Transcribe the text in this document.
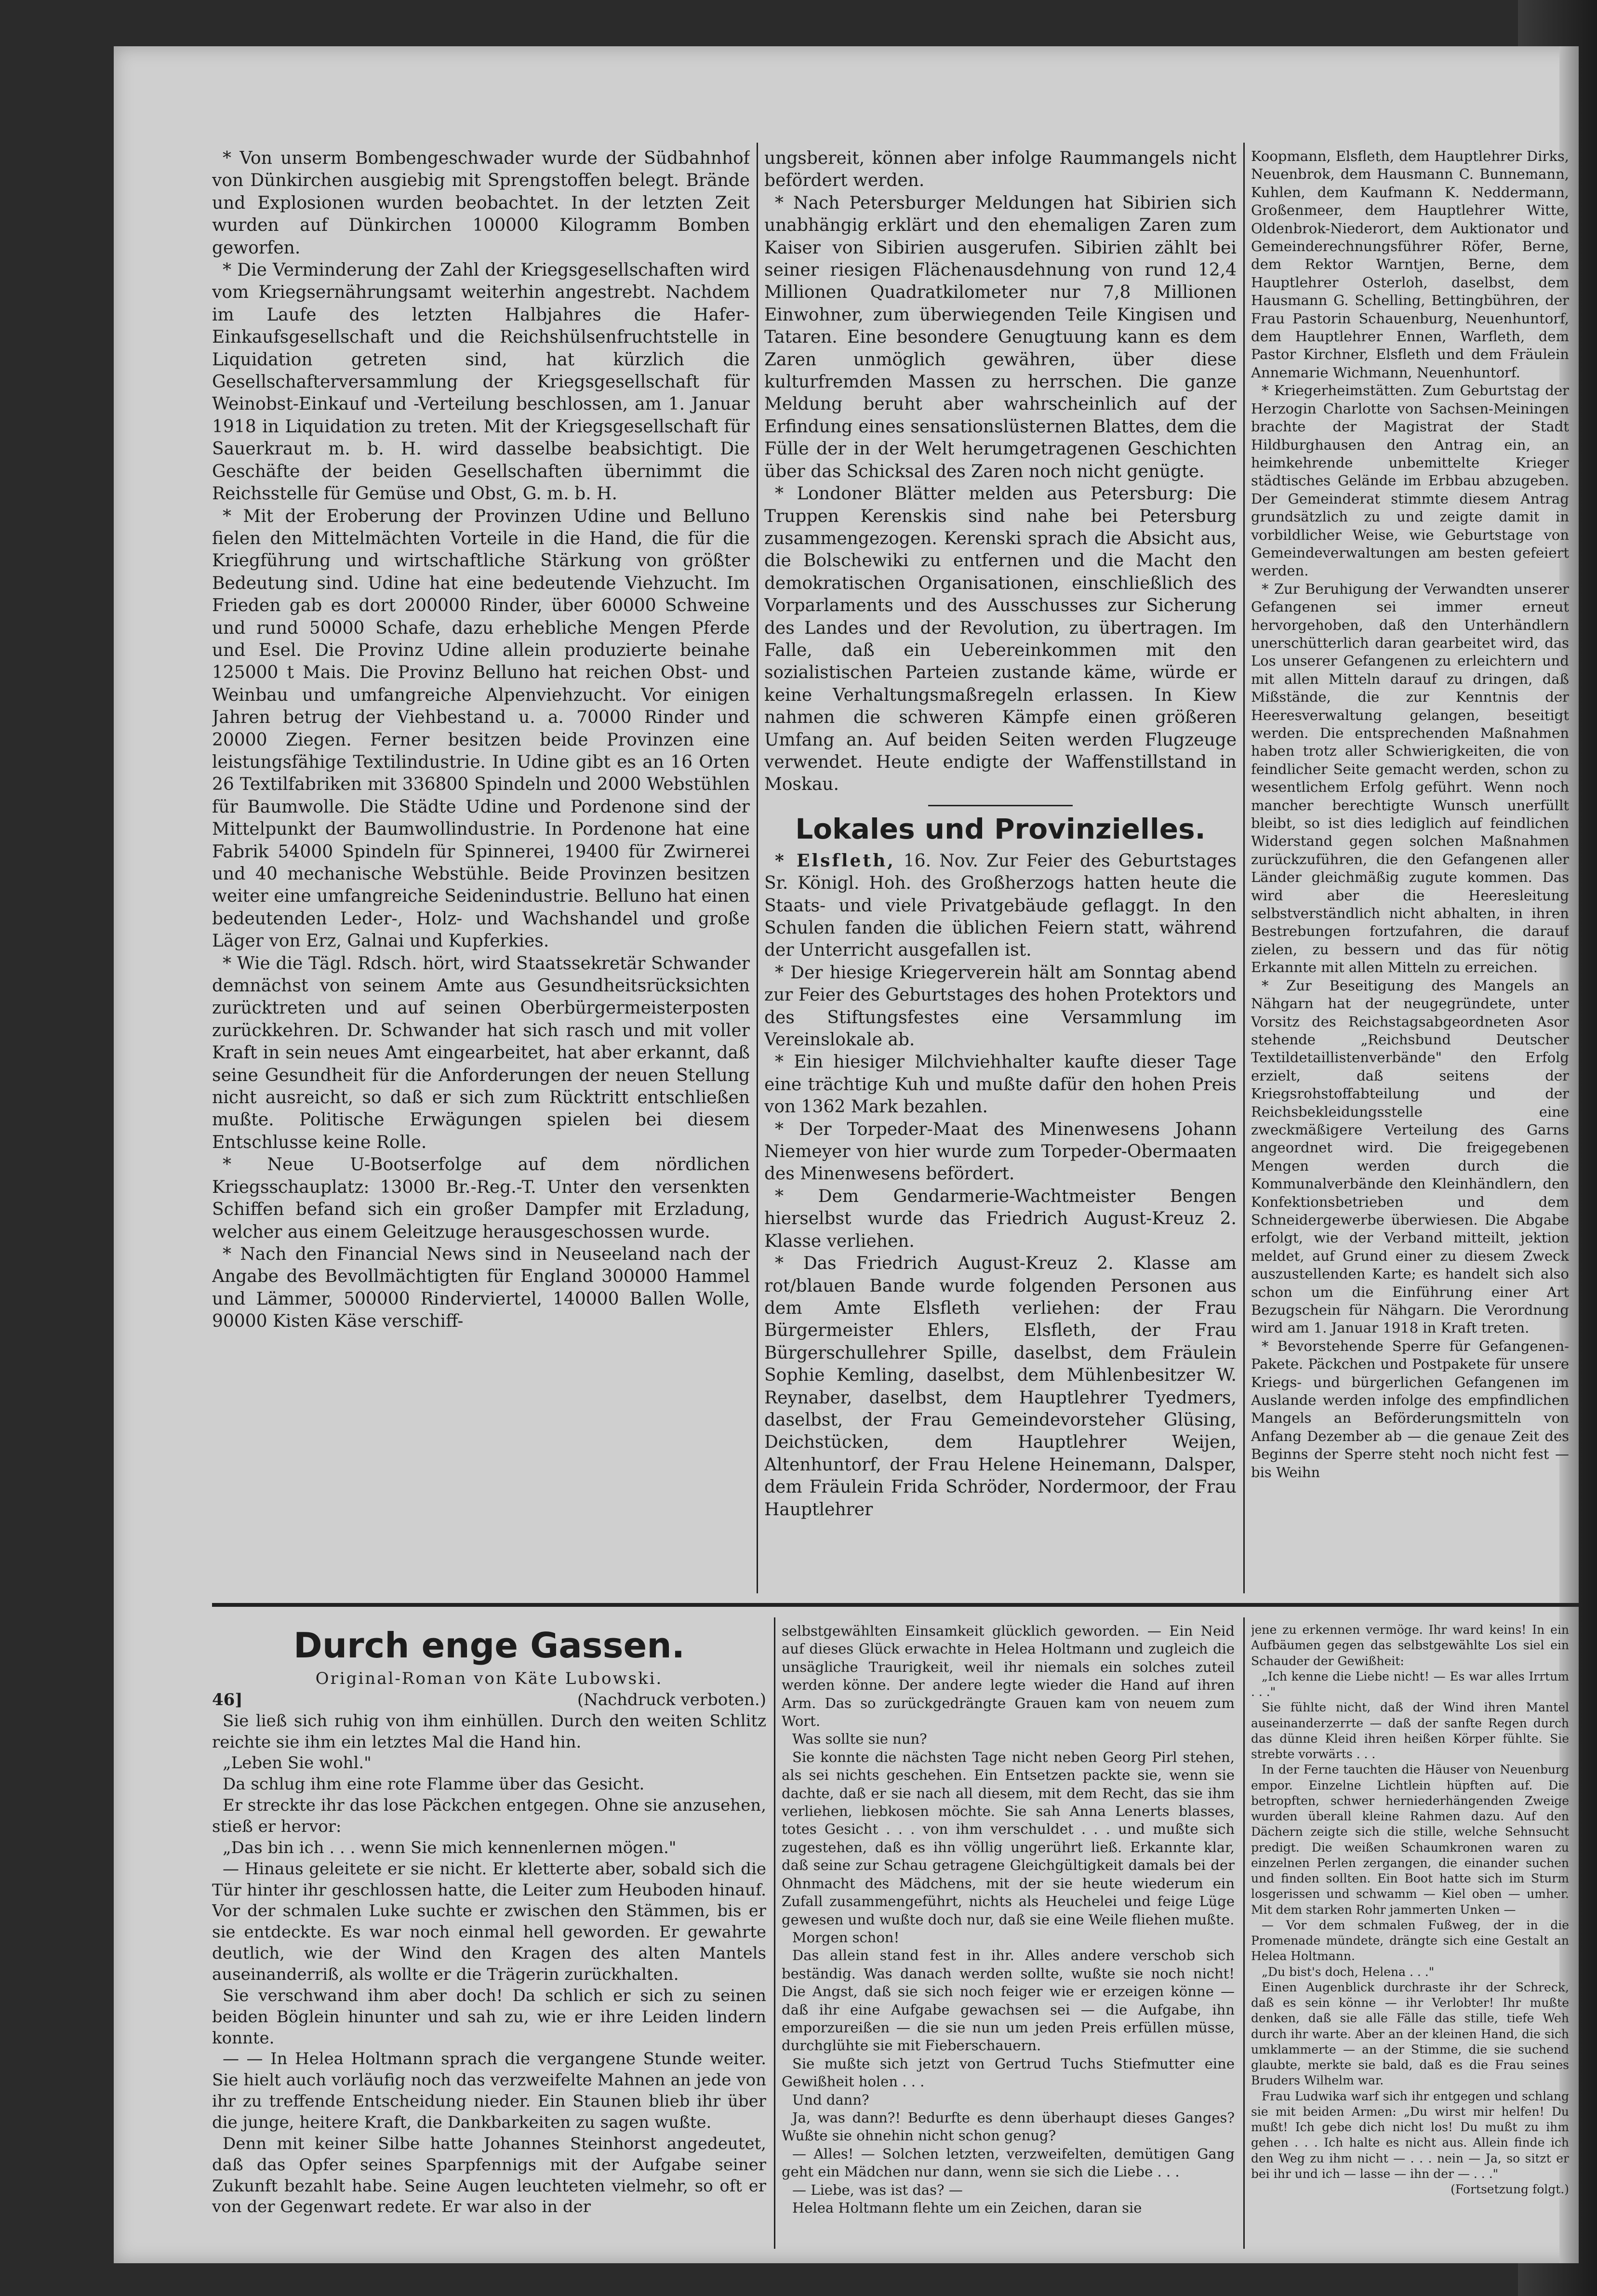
* Von unserm Bombengeschwader wurde der Südbahnhof von Dünkirchen ausgiebig mit Sprengstoffen belegt. Brände und Explosionen wurden beobachtet. In der letzten Zeit wurden auf Dünkirchen 100000 Kilogramm Bomben geworfen.

* Die Verminderung der Zahl der Kriegsgesellschaften wird vom Kriegsernährungsamt weiterhin angestrebt. Nachdem im Laufe des letzten Halbjahres die Hafer-Einkaufsgesellschaft und die Reichshülsenfruchtstelle in Liquidation getreten sind, hat kürzlich die Gesellschafterversammlung der Kriegsgesellschaft für Weinobst-Einkauf und -Verteilung beschlossen, am 1. Januar 1918 in Liquidation zu treten. Mit der Kriegsgesellschaft für Sauerkraut m. b. H. wird dasselbe beabsichtigt. Die Geschäfte der beiden Gesellschaften übernimmt die Reichsstelle für Gemüse und Obst, G. m. b. H.

* Mit der Eroberung der Provinzen Udine und Belluno fielen den Mittelmächten Vorteile in die Hand, die für die Kriegführung und wirtschaftliche Stärkung von größter Bedeutung sind. Udine hat eine bedeutende Viehzucht. Im Frieden gab es dort 200000 Rinder, über 60000 Schweine und rund 50000 Schafe, dazu erhebliche Mengen Pferde und Esel. Die Provinz Udine allein produzierte beinahe 125000 t Mais. Die Provinz Belluno hat reichen Obst- und Weinbau und umfangreiche Alpenviehzucht. Vor einigen Jahren betrug der Viehbestand u. a. 70000 Rinder und 20000 Ziegen. Ferner besitzen beide Provinzen eine leistungsfähige Textilindustrie. In Udine gibt es an 16 Orten 26 Textilfabriken mit 336800 Spindeln und 2000 Webstühlen für Baumwolle. Die Städte Udine und Pordenone sind der Mittelpunkt der Baumwollindustrie. In Pordenone hat eine Fabrik 54000 Spindeln für Spinnerei, 19400 für Zwirnerei und 40 mechanische Webstühle. Beide Provinzen besitzen weiter eine umfangreiche Seidenindustrie. Belluno hat einen bedeutenden Leder-, Holz- und Wachshandel und große Läger von Erz, Galnai und Kupferkies.

* Wie die Tägl. Rdsch. hört, wird Staatssekretär Schwander demnächst von seinem Amte aus Gesundheitsrücksichten zurücktreten und auf seinen Oberbürgermeisterposten zurückkehren. Dr. Schwander hat sich rasch und mit voller Kraft in sein neues Amt eingearbeitet, hat aber erkannt, daß seine Gesundheit für die Anforderungen der neuen Stellung nicht ausreicht, so daß er sich zum Rücktritt entschließen mußte. Politische Erwägungen spielen bei diesem Entschlusse keine Rolle.

* Neue U-Bootserfolge auf dem nördlichen Kriegsschauplatz: 13000 Br.-Reg.-T. Unter den versenkten Schiffen befand sich ein großer Dampfer mit Erzladung, welcher aus einem Geleitzuge herausgeschossen wurde.

* Nach den Financial News sind in Neuseeland nach der Angabe des Bevollmächtigten für England 300000 Hammel und Lämmer, 500000 Rinderviertel, 140000 Ballen Wolle, 90000 Kisten Käse verschiff-

ungsbereit, können aber infolge Raummangels nicht befördert werden.

* Nach Petersburger Meldungen hat Sibirien sich unabhängig erklärt und den ehemaligen Zaren zum Kaiser von Sibirien ausgerufen. Sibirien zählt bei seiner riesigen Flächenausdehnung von rund 12,4 Millionen Quadratkilometer nur 7,8 Millionen Einwohner, zum überwiegenden Teile Kingisen und Tataren. Eine besondere Genugtuung kann es dem Zaren unmöglich gewähren, über diese kulturfremden Massen zu herrschen. Die ganze Meldung beruht aber wahrscheinlich auf der Erfindung eines sensationslüsternen Blattes, dem die Fülle der in der Welt herumgetragenen Geschichten über das Schicksal des Zaren noch nicht genügte.

* Londoner Blätter melden aus Petersburg: Die Truppen Kerenskis sind nahe bei Petersburg zusammengezogen. Kerenski sprach die Absicht aus, die Bolschewiki zu entfernen und die Macht den demokratischen Organisationen, einschließlich des Vorparlaments und des Ausschusses zur Sicherung des Landes und der Revolution, zu übertragen. Im Falle, daß ein Uebereinkommen mit den sozialistischen Parteien zustande käme, würde er keine Verhaltungsmaßregeln erlassen. In Kiew nahmen die schweren Kämpfe einen größeren Umfang an. Auf beiden Seiten werden Flugzeuge verwendet. Heute endigte der Waffenstillstand in Moskau.

Lokales und Provinzielles.

* Elsfleth, 16. Nov. Zur Feier des Geburtstages Sr. Königl. Hoh. des Großherzogs hatten heute die Staats- und viele Privatgebäude geflaggt. In den Schulen fanden die üblichen Feiern statt, während der Unterricht ausgefallen ist.

* Der hiesige Kriegerverein hält am Sonntag abend zur Feier des Geburtstages des hohen Protektors und des Stiftungsfestes eine Versammlung im Vereinslokale ab.

* Ein hiesiger Milchviehhalter kaufte dieser Tage eine trächtige Kuh und mußte dafür den hohen Preis von 1362 Mark bezahlen.

* Der Torpeder-Maat des Minenwesens Johann Niemeyer von hier wurde zum Torpeder-Obermaaten des Minenwesens befördert.

* Dem Gendarmerie-Wachtmeister Bengen hierselbst wurde das Friedrich August-Kreuz 2. Klasse verliehen.

* Das Friedrich August-Kreuz 2. Klasse am rot/blauen Bande wurde folgenden Personen aus dem Amte Elsfleth verliehen: der Frau Bürgermeister Ehlers, Elsfleth, der Frau Bürgerschullehrer Spille, daselbst, dem Fräulein Sophie Kemling, daselbst, dem Mühlenbesitzer W. Reynaber, daselbst, dem Hauptlehrer Tyedmers, daselbst, der Frau Gemeindevorsteher Glüsing, Deichstücken, dem Hauptlehrer Weijen, Altenhuntorf, der Frau Helene Heinemann, Dalsper, dem Fräulein Frida Schröder, Nordermoor, der Frau Hauptlehrer

Koopmann, Elsfleth, dem Hauptlehrer Dirks, Neuenbrok, dem Hausmann C. Bunnemann, Kuhlen, dem Kaufmann K. Neddermann, Großenmeer, dem Hauptlehrer Witte, Oldenbrok-Niederort, dem Auktionator und Gemeinderechnungsführer Röfer, Berne, dem Rektor Warntjen, Berne, dem Hauptlehrer Osterloh, daselbst, dem Hausmann G. Schelling, Bettingbühren, der Frau Pastorin Schauenburg, Neuenhuntorf, dem Hauptlehrer Ennen, Warfleth, dem Pastor Kirchner, Elsfleth und dem Fräulein Annemarie Wichmann, Neuenhuntorf.

* Kriegerheimstätten. Zum Geburtstag der Herzogin Charlotte von Sachsen-Meiningen brachte der Magistrat der Stadt Hildburghausen den Antrag ein, an heimkehrende unbemittelte Krieger städtisches Gelände im Erbbau abzugeben. Der Gemeinderat stimmte diesem Antrag grundsätzlich zu und zeigte damit in vorbildlicher Weise, wie Geburtstage von Gemeindeverwaltungen am besten gefeiert werden.

* Zur Beruhigung der Verwandten unserer Gefangenen sei immer erneut hervorgehoben, daß den Unterhändlern unerschütterlich daran gearbeitet wird, das Los unserer Gefangenen zu erleichtern und mit allen Mitteln darauf zu dringen, daß Mißstände, die zur Kenntnis der Heeresverwaltung gelangen, beseitigt werden. Die entsprechenden Maßnahmen haben trotz aller Schwierigkeiten, die von feindlicher Seite gemacht werden, schon zu wesentlichem Erfolg geführt. Wenn noch mancher berechtigte Wunsch unerfüllt bleibt, so ist dies lediglich auf feindlichen Widerstand gegen solchen Maßnahmen zurückzuführen, die den Gefangenen aller Länder gleichmäßig zugute kommen. Das wird aber die Heeresleitung selbstverständlich nicht abhalten, in ihren Bestrebungen fortzufahren, die darauf zielen, zu bessern und das für nötig Erkannte mit allen Mitteln zu erreichen.

* Zur Beseitigung des Mangels an Nähgarn hat der neugegründete, unter Vorsitz des Reichstagsabgeordneten Asor stehende „Reichsbund Deutscher Textildetaillistenverbände" den Erfolg erzielt, daß seitens der Kriegsrohstoffabteilung und der Reichsbekleidungsstelle eine zweckmäßigere Verteilung des Garns angeordnet wird. Die freigegebenen Mengen werden durch die Kommunalverbände den Kleinhändlern, den Konfektionsbetrieben und dem Schneidergewerbe überwiesen. Die Abgabe erfolgt, wie der Verband mitteilt, jektion meldet, auf Grund einer zu diesem Zweck auszustellenden Karte; es handelt sich also schon um die Einführung einer Art Bezugschein für Nähgarn. Die Verordnung wird am 1. Januar 1918 in Kraft treten.

* Bevorstehende Sperre für Gefangenen-Pakete. Päckchen und Postpakete für unsere Kriegs- und bürgerlichen Gefangenen im Auslande werden infolge des empfindlichen Mangels an Beförderungsmitteln von Anfang Dezember ab — die genaue Zeit des Beginns der Sperre steht noch nicht fest — bis Weihn

Durch enge Gassen.
Original-Roman von Käte Lubowski.
46]	(Nachdruck verboten.)

Sie ließ sich ruhig von ihm einhüllen. Durch den weiten Schlitz reichte sie ihm ein letztes Mal die Hand hin.

„Leben Sie wohl."

Da schlug ihm eine rote Flamme über das Gesicht.

Er streckte ihr das lose Päckchen entgegen. Ohne sie anzusehen, stieß er hervor:

„Das bin ich . . . wenn Sie mich kennenlernen mögen."

— Hinaus geleitete er sie nicht. Er kletterte aber, sobald sich die Tür hinter ihr geschlossen hatte, die Leiter zum Heuboden hinauf. Vor der schmalen Luke suchte er zwischen den Stämmen, bis er sie entdeckte. Es war noch einmal hell geworden. Er gewahrte deutlich, wie der Wind den Kragen des alten Mantels auseinanderriß, als wollte er die Trägerin zurückhalten.

Sie verschwand ihm aber doch! Da schlich er sich zu seinen beiden Böglein hinunter und sah zu, wie er ihre Leiden lindern konnte.

— — In Helea Holtmann sprach die vergangene Stunde weiter. Sie hielt auch vorläufig noch das verzweifelte Mahnen an jede von ihr zu treffende Entscheidung nieder. Ein Staunen blieb ihr über die junge, heitere Kraft, die Dankbarkeiten zu sagen wußte.

Denn mit keiner Silbe hatte Johannes Steinhorst angedeutet, daß das Opfer seines Sparpfennigs mit der Aufgabe seiner Zukunft bezahlt habe. Seine Augen leuchteten vielmehr, so oft er von der Gegenwart redete. Er war also in der

selbstgewählten Einsamkeit glücklich geworden. — Ein Neid auf dieses Glück erwachte in Helea Holtmann und zugleich die unsägliche Traurigkeit, weil ihr niemals ein solches zuteil werden könne. Der andere legte wieder die Hand auf ihren Arm. Das so zurückgedrängte Grauen kam von neuem zum Wort.

Was sollte sie nun?

Sie konnte die nächsten Tage nicht neben Georg Pirl stehen, als sei nichts geschehen. Ein Entsetzen packte sie, wenn sie dachte, daß er sie nach all diesem, mit dem Recht, das sie ihm verliehen, liebkosen möchte. Sie sah Anna Lenerts blasses, totes Gesicht . . . von ihm verschuldet . . . und mußte sich zugestehen, daß es ihn völlig ungerührt ließ. Erkannte klar, daß seine zur Schau getragene Gleichgültigkeit damals bei der Ohnmacht des Mädchens, mit der sie heute wiederum ein Zufall zusammengeführt, nichts als Heuchelei und feige Lüge gewesen und wußte doch nur, daß sie eine Weile fliehen mußte.

Morgen schon!

Das allein stand fest in ihr. Alles andere verschob sich beständig. Was danach werden sollte, wußte sie noch nicht! Die Angst, daß sie sich noch feiger wie er erzeigen könne — daß ihr eine Aufgabe gewachsen sei — die Aufgabe, ihn emporzureißen — die sie nun um jeden Preis erfüllen müsse, durchglühte sie mit Fieberschauern.

Sie mußte sich jetzt von Gertrud Tuchs Stiefmutter eine Gewißheit holen . . .

Und dann?

Ja, was dann?! Bedurfte es denn überhaupt dieses Ganges? Wußte sie ohnehin nicht schon genug?

— Alles! — Solchen letzten, verzweifelten, demütigen Gang geht ein Mädchen nur dann, wenn sie sich die Liebe . . .

— Liebe, was ist das? —

Helea Holtmann flehte um ein Zeichen, daran sie

jene zu erkennen vermöge. Ihr ward keins! In ein Aufbäumen gegen das selbstgewählte Los siel ein Schauder der Gewißheit:

„Ich kenne die Liebe nicht! — Es war alles Irrtum . . ."

Sie fühlte nicht, daß der Wind ihren Mantel auseinanderzerrte — daß der sanfte Regen durch das dünne Kleid ihren heißen Körper fühlte. Sie strebte vorwärts . . .

In der Ferne tauchten die Häuser von Neuenburg empor. Einzelne Lichtlein hüpften auf. Die betropften, schwer herniederhängenden Zweige wurden überall kleine Rahmen dazu. Auf den Dächern zeigte sich die stille, welche Sehnsucht predigt. Die weißen Schaumkronen waren zu einzelnen Perlen zergangen, die einander suchen und finden sollten. Ein Boot hatte sich im Sturm losgerissen und schwamm — Kiel oben — umher. Mit dem starken Rohr jammerten Unken —

— Vor dem schmalen Fußweg, der in die Promenade mündete, drängte sich eine Gestalt an Helea Holtmann.

„Du bist's doch, Helena . . ."

Einen Augenblick durchraste ihr der Schreck, daß es sein könne — ihr Verlobter! Ihr mußte denken, daß sie alle Fälle das stille, tiefe Weh durch ihr warte. Aber an der kleinen Hand, die sich umklammerte — an der Stimme, die sie suchend glaubte, merkte sie bald, daß es die Frau seines Bruders Wilhelm war.

Frau Ludwika warf sich ihr entgegen und schlang sie mit beiden Armen: „Du wirst mir helfen! Du mußt! Ich gebe dich nicht los! Du mußt zu ihm gehen . . . Ich halte es nicht aus. Allein finde ich den Weg zu ihm nicht — . . . nein — Ja, so sitzt er bei ihr und ich — lasse — ihn der — . . ."

(Fortsetzung folgt.)
